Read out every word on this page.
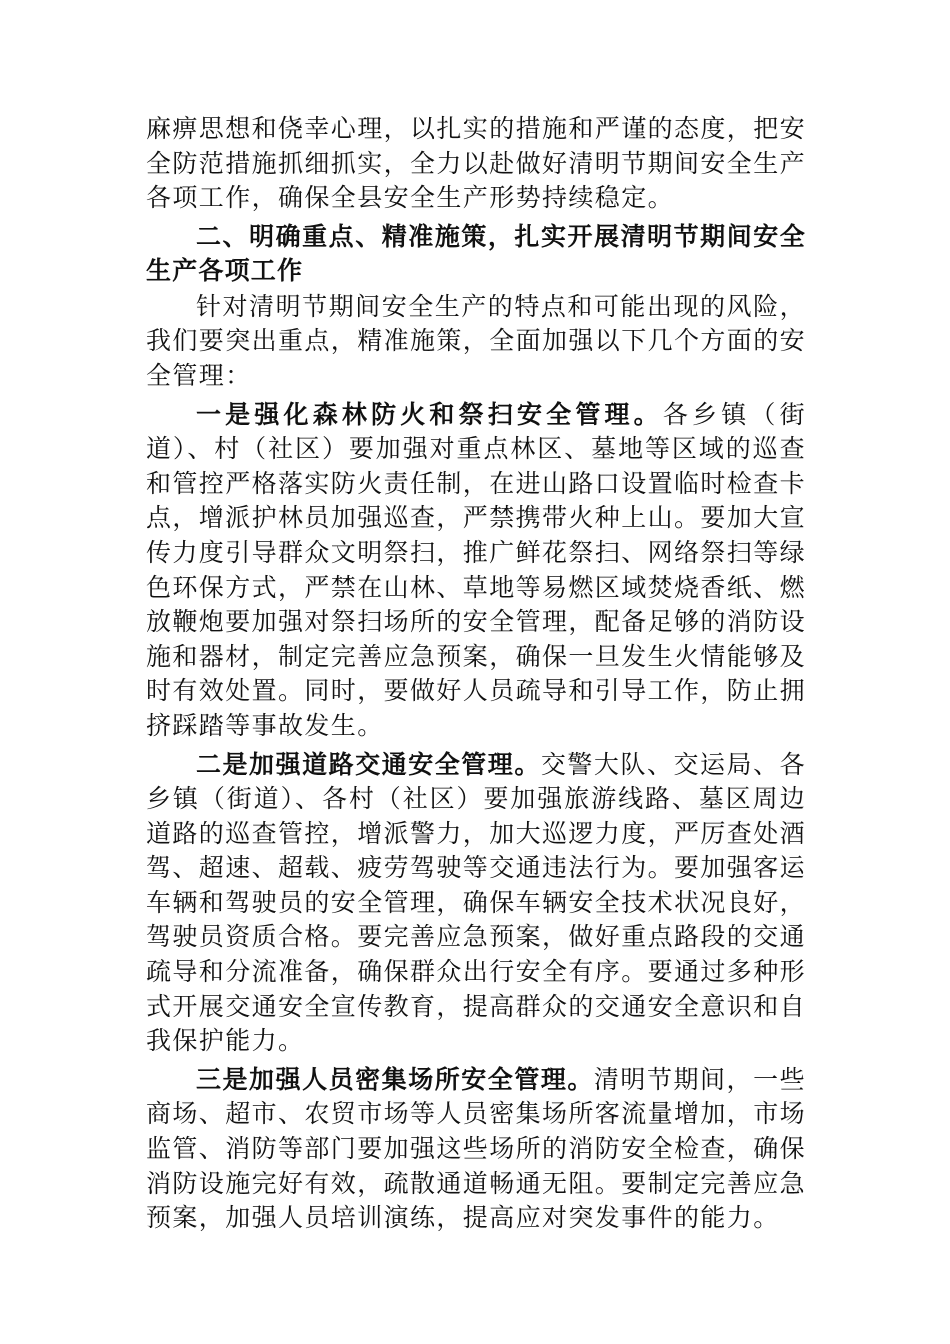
麻痹思想和侥幸心理，以扎实的措施和严谨的态度，把安全防范措施抓细抓实，全力以赴做好清明节期间安全生产各项工作，确保全县安全生产形势持续稳定。

二、明确重点、精准施策，扎实开展清明节期间安全生产各项工作

针对清明节期间安全生产的特点和可能出现的风险，我们要突出重点，精准施策，全面加强以下几个方面的安全管理：

一是强化森林防火和祭扫安全管理。各乡镇（街道）、村（社区）要加强对重点林区、墓地等区域的巡查和管控严格落实防火责任制，在进山路口设置临时检查卡点，增派护林员加强巡查，严禁携带火种上山。要加大宣传力度引导群众文明祭扫，推广鲜花祭扫、网络祭扫等绿色环保方式，严禁在山林、草地等易燃区域焚烧香纸、燃放鞭炮要加强对祭扫场所的安全管理，配备足够的消防设施和器材，制定完善应急预案，确保一旦发生火情能够及时有效处置。同时，要做好人员疏导和引导工作，防止拥挤踩踏等事故发生。

二是加强道路交通安全管理。交警大队、交运局、各乡镇（街道）、各村（社区）要加强旅游线路、墓区周边道路的巡查管控，增派警力，加大巡逻力度，严厉查处酒驾、超速、超载、疲劳驾驶等交通违法行为。要加强客运车辆和驾驶员的安全管理，确保车辆安全技术状况良好，驾驶员资质合格。要完善应急预案，做好重点路段的交通疏导和分流准备，确保群众出行安全有序。要通过多种形式开展交通安全宣传教育，提高群众的交通安全意识和自我保护能力。

三是加强人员密集场所安全管理。清明节期间，一些商场、超市、农贸市场等人员密集场所客流量增加，市场监管、消防等部门要加强这些场所的消防安全检查，确保消防设施完好有效，疏散通道畅通无阻。要制定完善应急预案，加强人员培训演练，提高应对突发事件的能力。
